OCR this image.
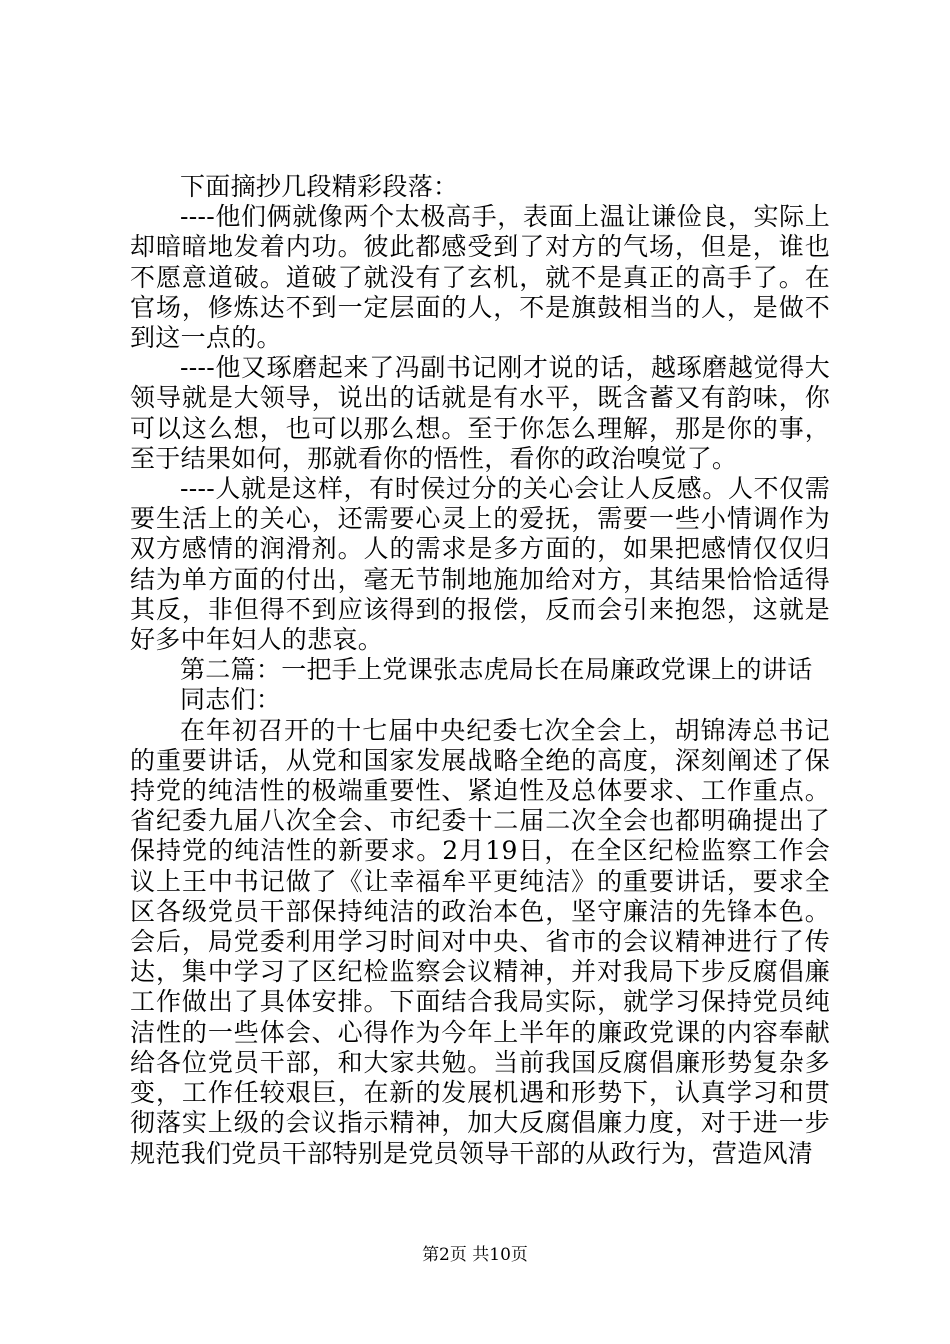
下面摘抄几段精彩段落：

----他们俩就像两个太极高手，表面上温让谦俭良，实际上却暗暗地发着内功。彼此都感受到了对方的气场，但是，谁也不愿意道破。道破了就没有了玄机，就不是真正的高手了。在官场，修炼达不到一定层面的人，不是旗鼓相当的人，是做不到这一点的。

----他又琢磨起来了冯副书记刚才说的话，越琢磨越觉得大领导就是大领导，说出的话就是有水平，既含蓄又有韵味，你可以这么想，也可以那么想。至于你怎么理解，那是你的事，至于结果如何，那就看你的悟性，看你的政治嗅觉了。

----人就是这样，有时侯过分的关心会让人反感。人不仅需要生活上的关心，还需要心灵上的爱抚，需要一些小情调作为双方感情的润滑剂。人的需求是多方面的，如果把感情仅仅归结为单方面的付出，毫无节制地施加给对方，其结果恰恰适得其反，非但得不到应该得到的报偿，反而会引来抱怨，这就是好多中年妇人的悲哀。

第二篇：一把手上党课张志虎局长在局廉政党课上的讲话

同志们：

在年初召开的十七届中央纪委七次全会上，胡锦涛总书记的重要讲话，从党和国家发展战略全绝的高度，深刻阐述了保持党的纯洁性的极端重要性、紧迫性及总体要求、工作重点。省纪委九届八次全会、市纪委十二届二次全会也都明确提出了保持党的纯洁性的新要求。2月19日，在全区纪检监察工作会议上王中书记做了《让幸福牟平更纯洁》的重要讲话，要求全区各级党员干部保持纯洁的政治本色，坚守廉洁的先锋本色。会后，局党委利用学习时间对中央、省市的会议精神进行了传达，集中学习了区纪检监察会议精神，并对我局下步反腐倡廉工作做出了具体安排。下面结合我局实际，就学习保持党员纯洁性的一些体会、心得作为今年上半年的廉政党课的内容奉献给各位党员干部，和大家共勉。当前我国反腐倡廉形势复杂多变，工作任较艰巨，在新的发展机遇和形势下，认真学习和贯彻落实上级的会议指示精神，加大反腐倡廉力度，对于进一步规范我们党员干部特别是党员领导干部的从政行为，营造风清

第2页 共10页
